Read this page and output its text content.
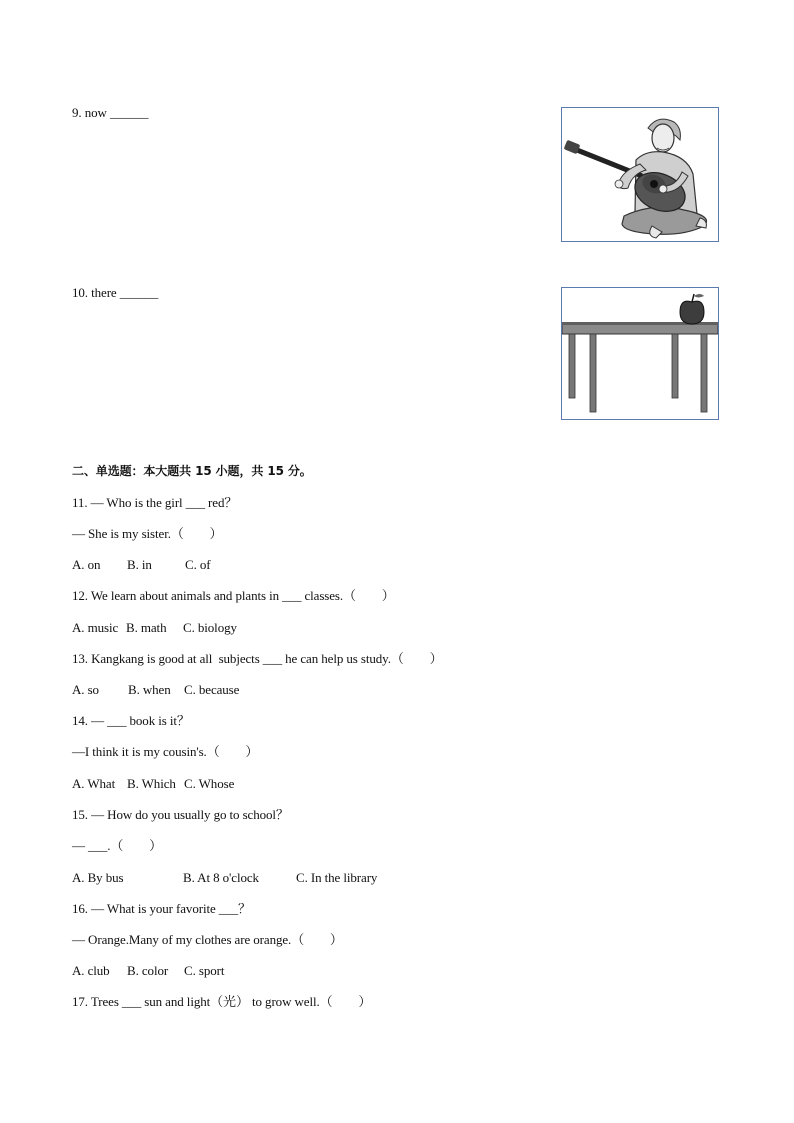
9. now ______
10. there ______
二、单选题：本大题共 15 小题，共 15 分。
11. — Who is the girl ___ red？
— She is my sister.（　　）
A. on B. in	C. of
12. We learn about animals and plants in ___ classes.（　　）
A. music B. math C. biology
13. Kangkang is good at all  subjects ___ he can help us study.（　　）
A. so B. when C. because
14. — ___ book is it？
—I think it is my cousin's.（　　）
A. What B. Which C. Whose
15. — How do you usually go to school？
— ___.（　　）
A. By bus	B. At 8 o'clock	C. In the library
16. — What is your favorite ___？
— Orange.Many of my clothes are orange.（　　）
A. club B. color C. sport
17. Trees ___ sun and light（光） to grow well.（　　）
